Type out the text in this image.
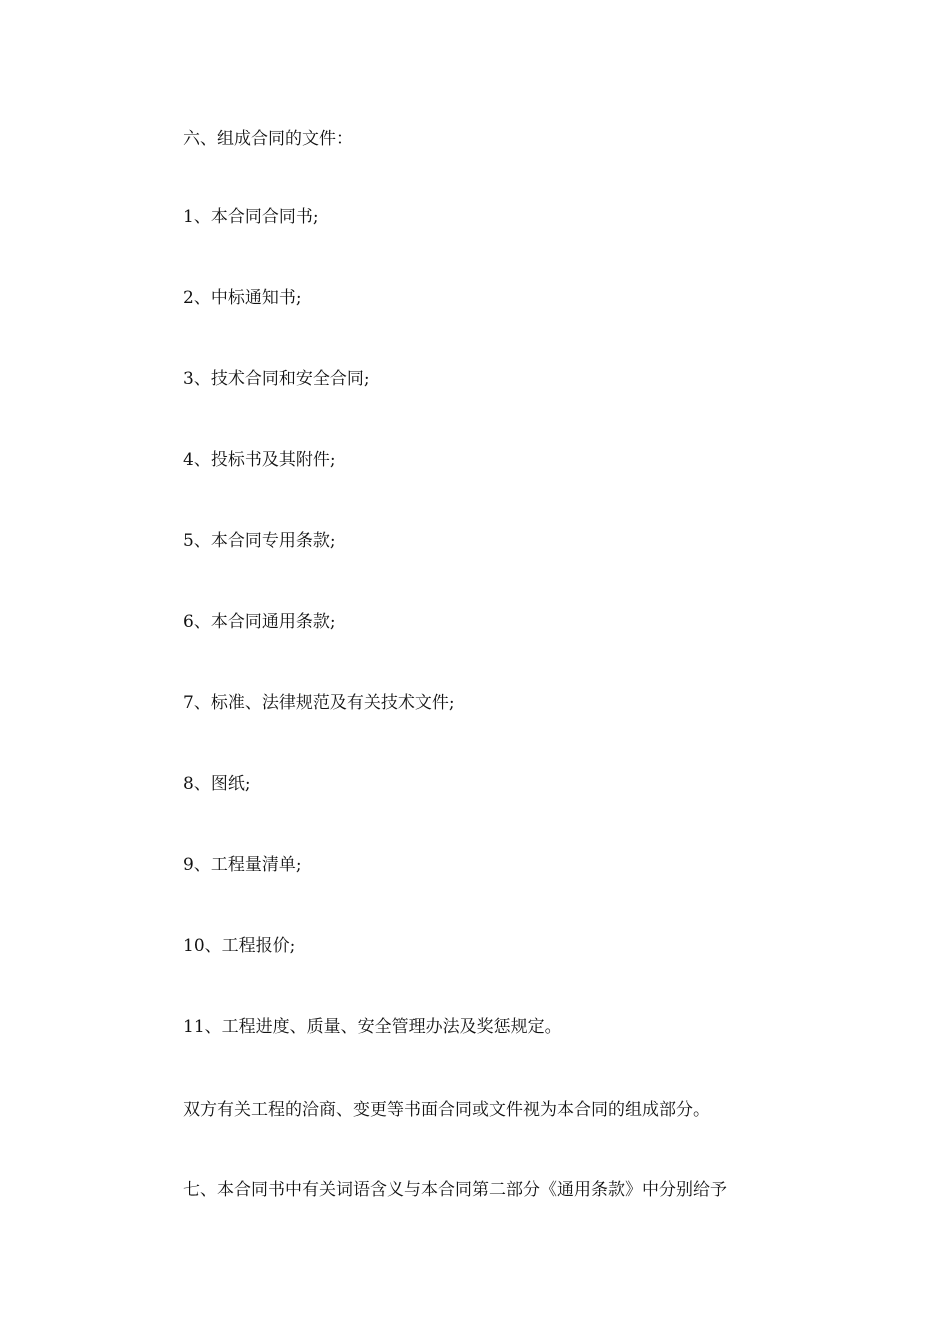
六、组成合同的文件：

1、本合同合同书;

2、中标通知书;

3、技术合同和安全合同;

4、投标书及其附件;

5、本合同专用条款;

6、本合同通用条款;

7、标准、法律规范及有关技术文件;

8、图纸;

9、工程量清单;

10、工程报价;

11、工程进度、质量、安全管理办法及奖惩规定。

双方有关工程的洽商、变更等书面合同或文件视为本合同的组成部分。

七、本合同书中有关词语含义与本合同第二部分《通用条款》中分别给予
